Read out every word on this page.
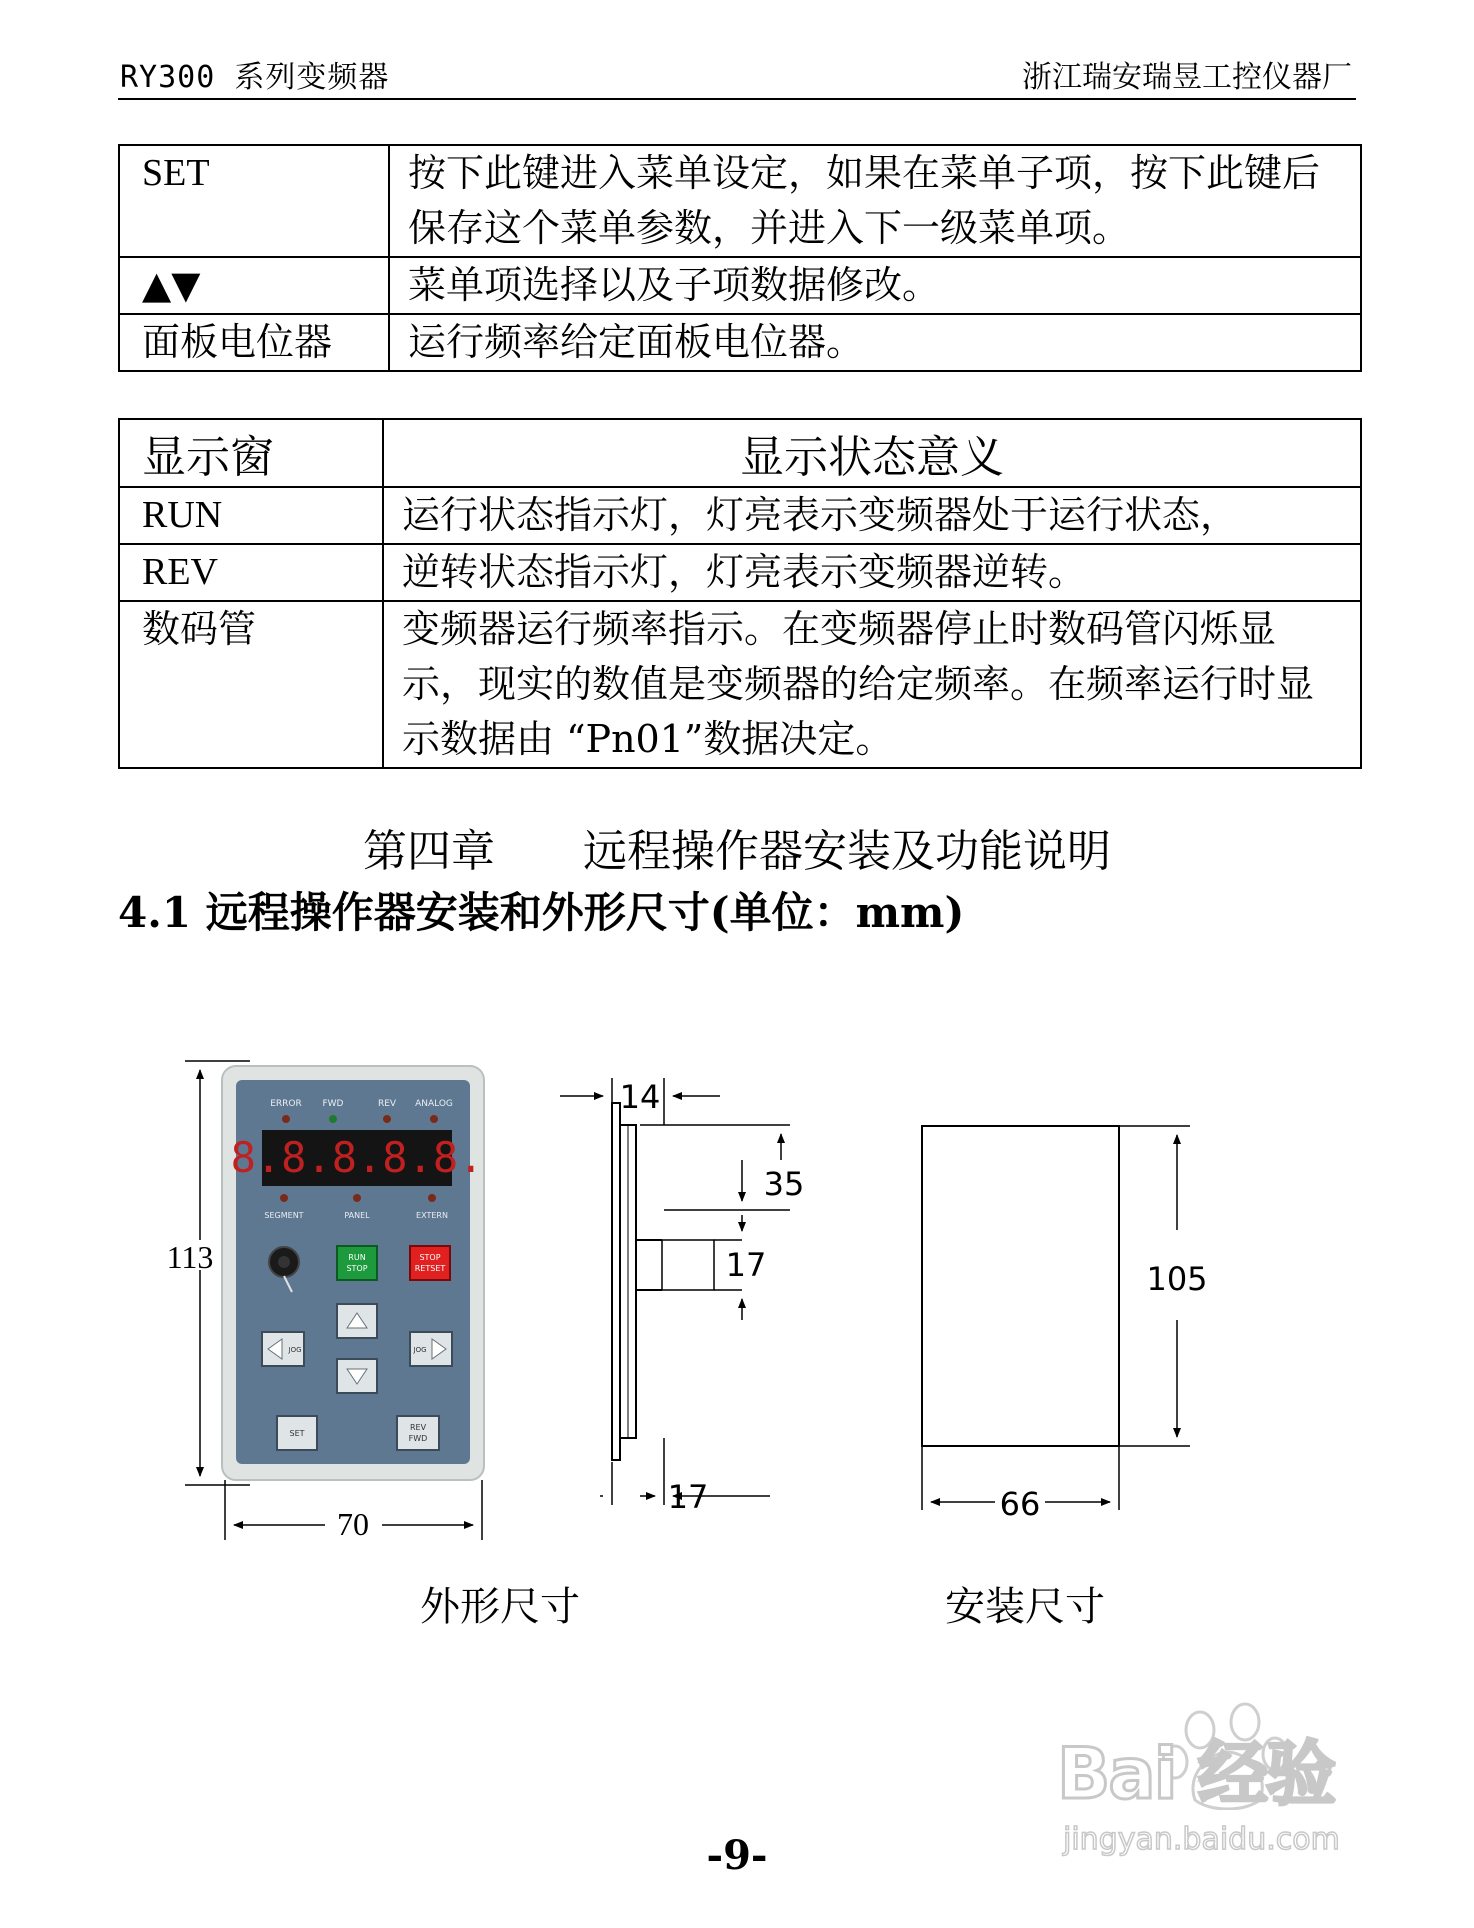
RY300 系列变频器	浙江瑞安瑞昱工控仪器厂
SET	按下此键进入菜单设定，如果在菜单子项，按下此键后保存这个菜单参数，并进入下一级菜单项。
▲▼	菜单项选择以及子项数据修改。
面板电位器	运行频率给定面板电位器。
显示窗	显示状态意义
RUN	运行状态指示灯，灯亮表示变频器处于运行状态，
REV	逆转状态指示灯，灯亮表示变频器逆转。
数码管	变频器运行频率指示。在变频器停止时数码管闪烁显示，现实的数值是变频器的给定频率。在频率运行时显示数据由 “Pn01”数据决定。
第四章　　 远程操作器安装及功能说明
4.1 远程操作器安装和外形尺寸(单位：mm)
ERROR FWD	REV ANALOG
8.8.8.8.8.
SEGMENT	PANEL	EXTERN
RUN
STOP
STOP
RETSET
JOG	JOG
SET
REV
FWD
113
70
14
35
17
17
105
66
外形尺寸	安装尺寸
-9-
Bai 经验
jingyan.baidu.com
